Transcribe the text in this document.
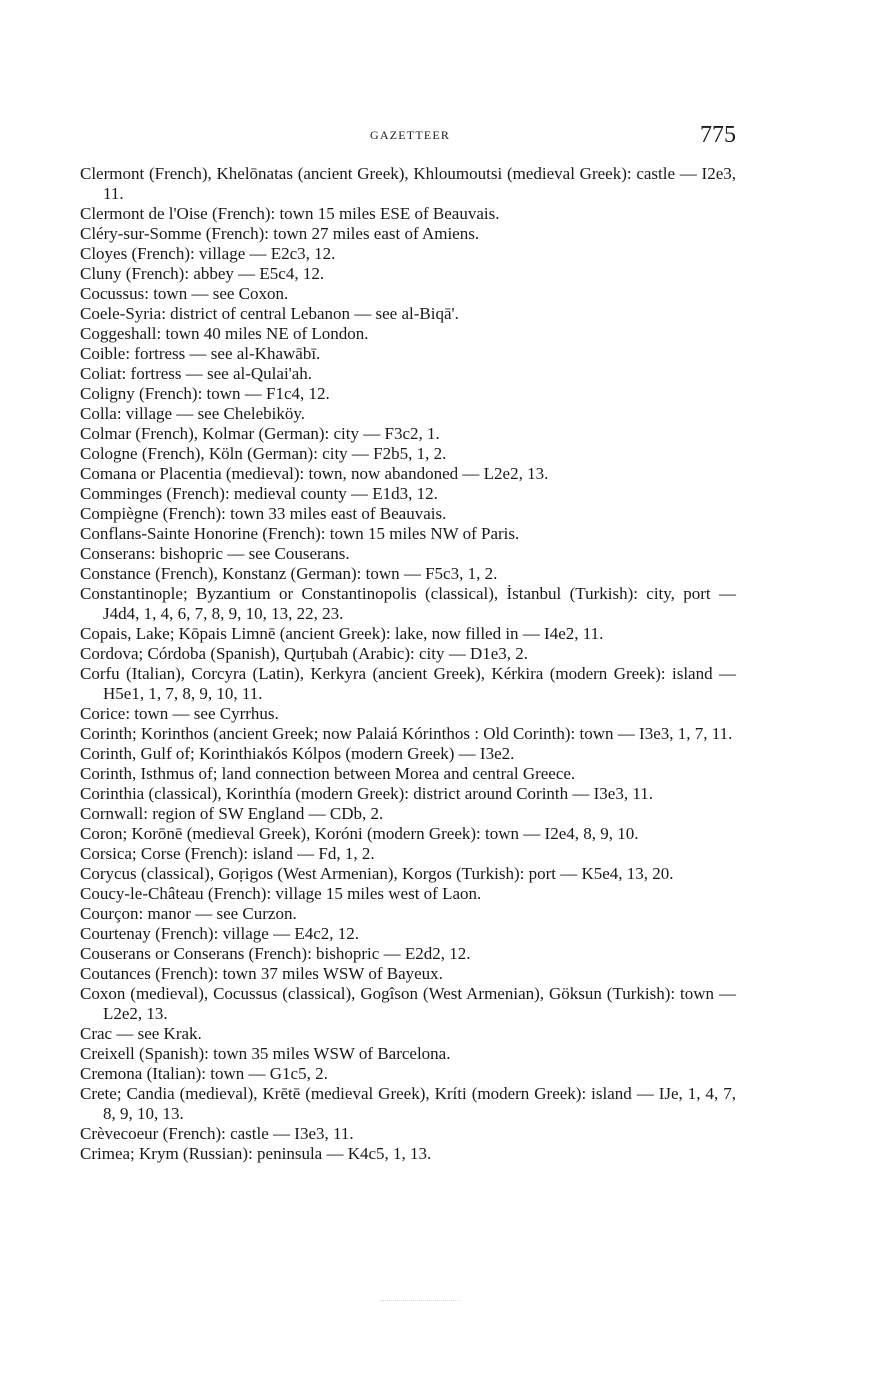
GAZETTEER	775
Clermont (French), Khelōnatas (ancient Greek), Khloumoutsi (medieval Greek): castle — I2e3, 11.
Clermont de l'Oise (French): town 15 miles ESE of Beauvais.
Cléry-sur-Somme (French): town 27 miles east of Amiens.
Cloyes (French): village — E2c3, 12.
Cluny (French): abbey — E5c4, 12.
Cocussus: town — see Coxon.
Coele-Syria: district of central Lebanon — see al-Biqā'.
Coggeshall: town 40 miles NE of London.
Coible: fortress — see al-Khawābī.
Coliat: fortress — see al-Qulai'ah.
Coligny (French): town — F1c4, 12.
Colla: village — see Chelebiköy.
Colmar (French), Kolmar (German): city — F3c2, 1.
Cologne (French), Köln (German): city — F2b5, 1, 2.
Comana or Placentia (medieval): town, now abandoned — L2e2, 13.
Comminges (French): medieval county — E1d3, 12.
Compiègne (French): town 33 miles east of Beauvais.
Conflans-Sainte Honorine (French): town 15 miles NW of Paris.
Conserans: bishopric — see Couserans.
Constance (French), Konstanz (German): town — F5c3, 1, 2.
Constantinople; Byzantium or Constantinopolis (classical), İstanbul (Turkish): city, port — J4d4, 1, 4, 6, 7, 8, 9, 10, 13, 22, 23.
Copais, Lake; Kōpais Limnē (ancient Greek): lake, now filled in — I4e2, 11.
Cordova; Córdoba (Spanish), Qurṭubah (Arabic): city — D1e3, 2.
Corfu (Italian), Corcyra (Latin), Kerkyra (ancient Greek), Kérkira (modern Greek): island — H5e1, 1, 7, 8, 9, 10, 11.
Corice: town — see Cyrrhus.
Corinth; Korinthos (ancient Greek; now Palaiá Kórinthos : Old Corinth): town — I3e3, 1, 7, 11.
Corinth, Gulf of; Korinthiakós Kólpos (modern Greek) — I3e2.
Corinth, Isthmus of; land connection between Morea and central Greece.
Corinthia (classical), Korinthía (modern Greek): district around Corinth — I3e3, 11.
Cornwall: region of SW England — CDb, 2.
Coron; Korōnē (medieval Greek), Koróni (modern Greek): town — I2e4, 8, 9, 10.
Corsica; Corse (French): island — Fd, 1, 2.
Corycus (classical), Goṛigos (West Armenian), Korgos (Turkish): port — K5e4, 13, 20.
Coucy-le-Château (French): village 15 miles west of Laon.
Courçon: manor — see Curzon.
Courtenay (French): village — E4c2, 12.
Couserans or Conserans (French): bishopric — E2d2, 12.
Coutances (French): town 37 miles WSW of Bayeux.
Coxon (medieval), Cocussus (classical), Gogîson (West Armenian), Göksun (Turkish): town — L2e2, 13.
Crac — see Krak.
Creixell (Spanish): town 35 miles WSW of Barcelona.
Cremona (Italian): town — G1c5, 2.
Crete; Candia (medieval), Krētē (medieval Greek), Kríti (modern Greek): island — IJe, 1, 4, 7, 8, 9, 10, 13.
Crèvecoeur (French): castle — I3e3, 11.
Crimea; Krym (Russian): peninsula — K4c5, 1, 13.
